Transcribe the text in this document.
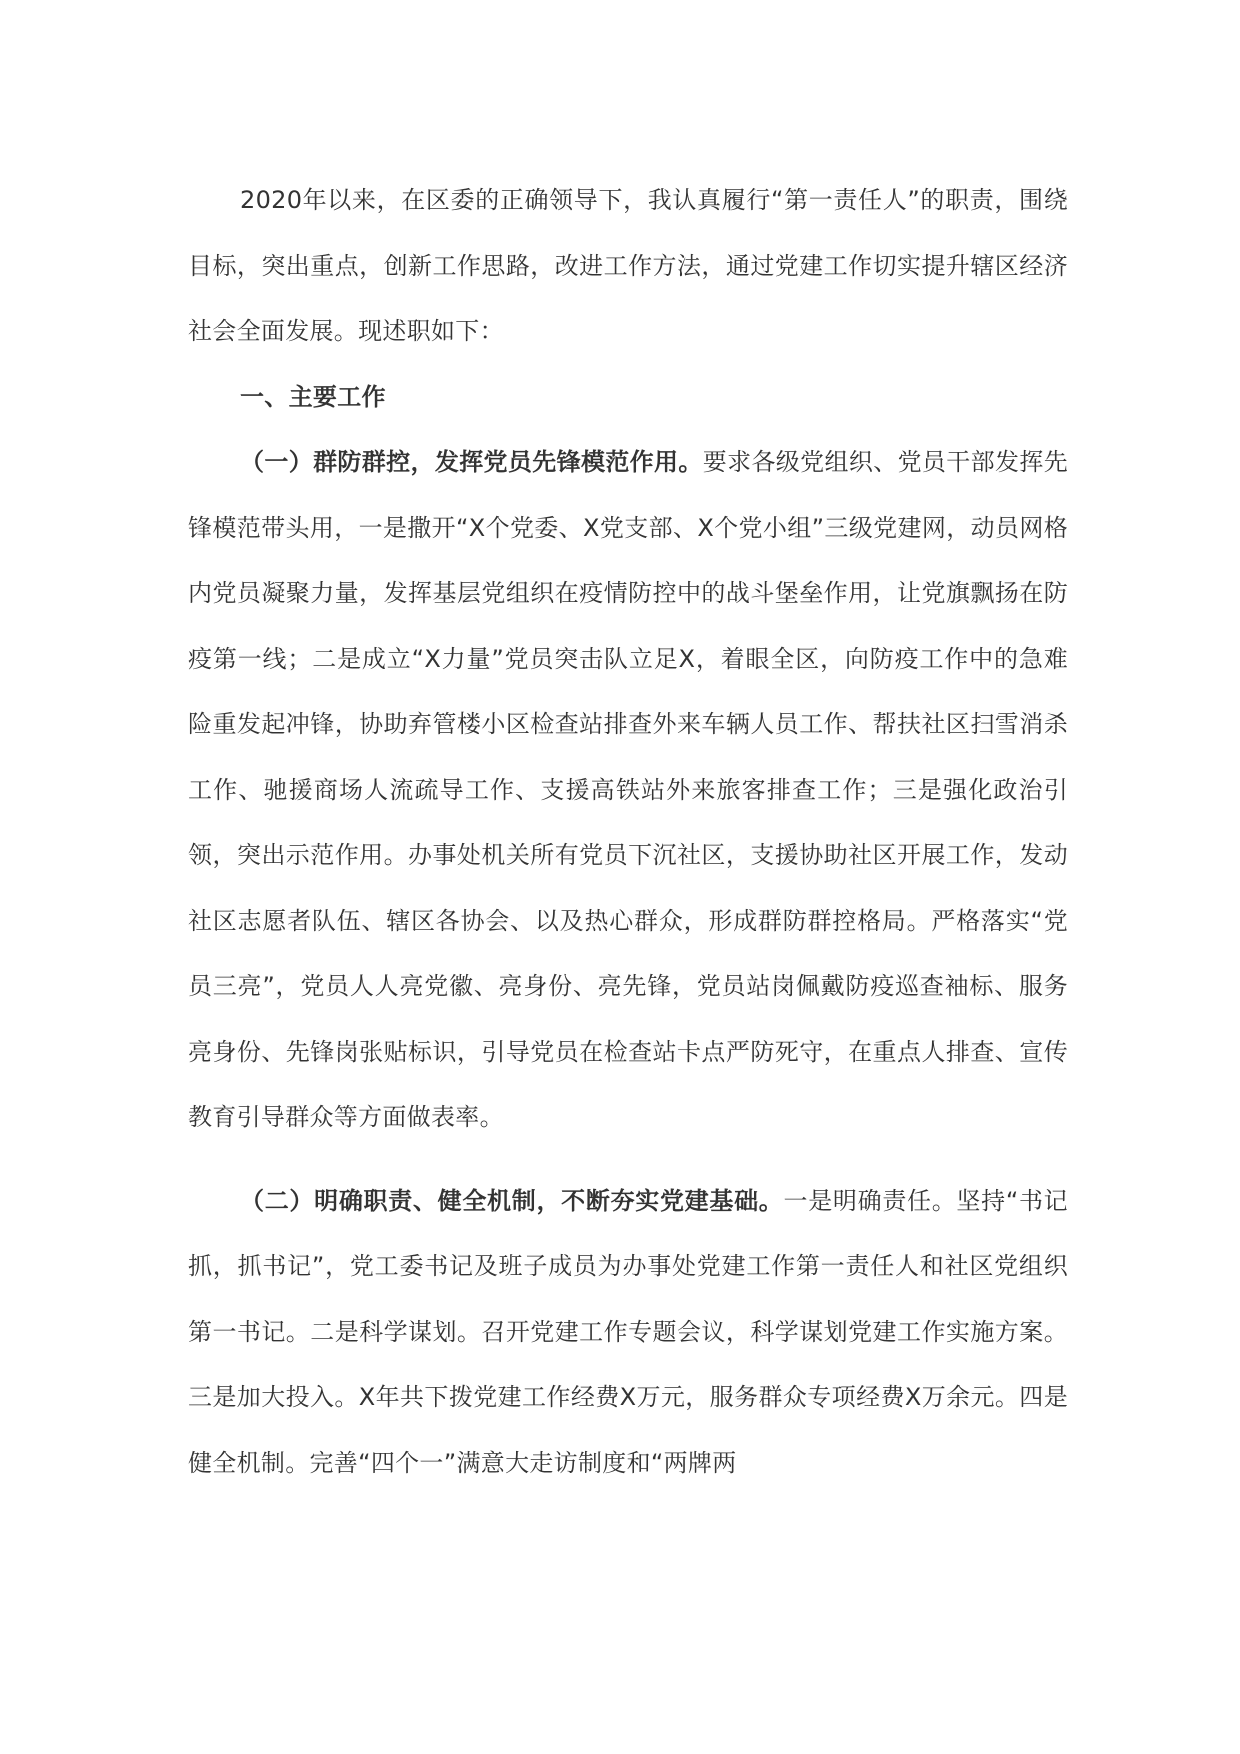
2020年以来，在区委的正确领导下，我认真履行“第一责任人”的职责，围绕目标，突出重点，创新工作思路，改进工作方法，通过党建工作切实提升辖区经济社会全面发展。现述职如下：

一、主要工作

（一）群防群控，发挥党员先锋模范作用。要求各级党组织、党员干部发挥先锋模范带头用，一是撒开“X个党委、X党支部、X个党小组”三级党建网，动员网格内党员凝聚力量，发挥基层党组织在疫情防控中的战斗堡垒作用，让党旗飘扬在防疫第一线；二是成立“X力量”党员突击队立足X，着眼全区，向防疫工作中的急难险重发起冲锋，协助弃管楼小区检查站排查外来车辆人员工作、帮扶社区扫雪消杀工作、驰援商场人流疏导工作、支援高铁站外来旅客排查工作；三是强化政治引领，突出示范作用。办事处机关所有党员下沉社区，支援协助社区开展工作，发动社区志愿者队伍、辖区各协会、以及热心群众，形成群防群控格局。严格落实“党员三亮”，党员人人亮党徽、亮身份、亮先锋，党员站岗佩戴防疫巡查袖标、服务亮身份、先锋岗张贴标识，引导党员在检查站卡点严防死守，在重点人排查、宣传教育引导群众等方面做表率。

（二）明确职责、健全机制，不断夯实党建基础。一是明确责任。坚持“书记抓，抓书记”，党工委书记及班子成员为办事处党建工作第一责任人和社区党组织第一书记。二是科学谋划。召开党建工作专题会议，科学谋划党建工作实施方案。三是加大投入。X年共下拨党建工作经费X万元，服务群众专项经费X万余元。四是健全机制。完善“四个一”满意大走访制度和“两牌两
